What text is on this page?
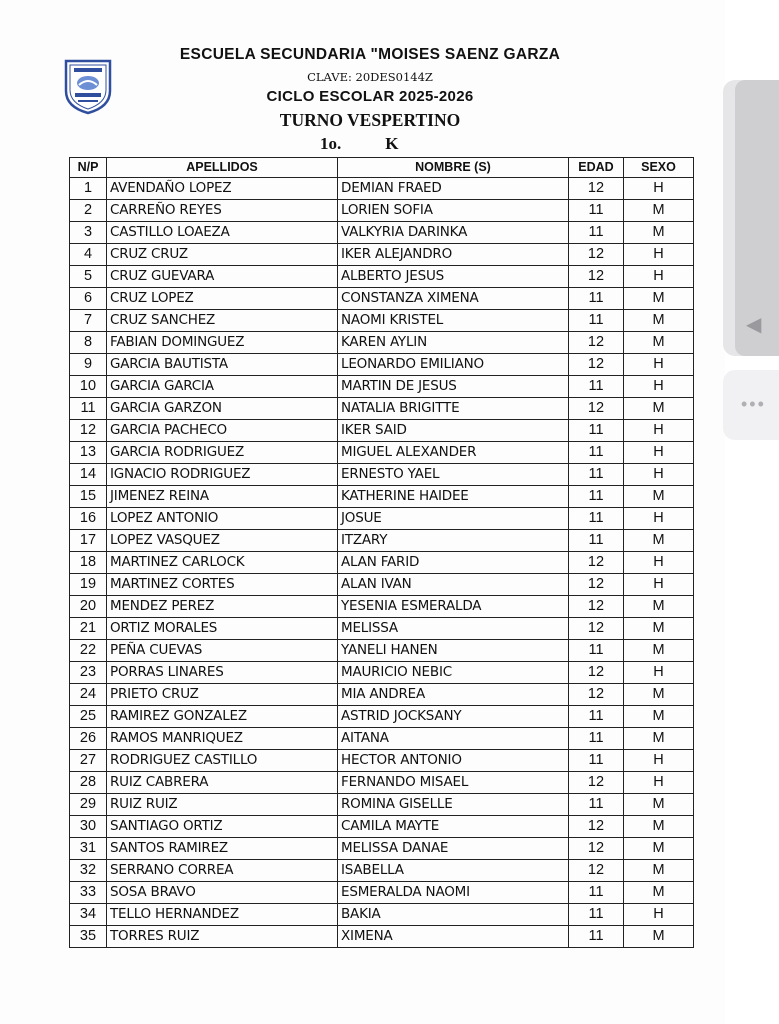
ESCUELA SECUNDARIA "MOISES SAENZ GARZA
CLAVE: 20DES0144Z
CICLO ESCOLAR 2025-2026
TURNO VESPERTINO
1o.	K
N/P	APELLIDOS	NOMBRE (S)	EDAD	SEXO
1	AVENDAÑO LOPEZ	DEMIAN FRAED	12	H
2	CARREÑO REYES	LORIEN SOFIA	11	M
3	CASTILLO LOAEZA	VALKYRIA DARINKA	11	M
4	CRUZ CRUZ	IKER ALEJANDRO	12	H
5	CRUZ GUEVARA	ALBERTO JESUS	12	H
6	CRUZ LOPEZ	CONSTANZA XIMENA	11	M
7	CRUZ SANCHEZ	NAOMI KRISTEL	11	M
8	FABIAN DOMINGUEZ	KAREN AYLIN	12	M
9	GARCIA BAUTISTA	LEONARDO EMILIANO	12	H
10	GARCIA GARCIA	MARTIN DE JESUS	11	H
11	GARCIA GARZON	NATALIA BRIGITTE	12	M
12	GARCIA PACHECO	IKER SAID	11	H
13	GARCIA RODRIGUEZ	MIGUEL ALEXANDER	11	H
14	IGNACIO RODRIGUEZ	ERNESTO YAEL	11	H
15	JIMENEZ REINA	KATHERINE HAIDEE	11	M
16	LOPEZ ANTONIO	JOSUE	11	H
17	LOPEZ VASQUEZ	ITZARY	11	M
18	MARTINEZ CARLOCK	ALAN FARID	12	H
19	MARTINEZ CORTES	ALAN IVAN	12	H
20	MENDEZ PEREZ	YESENIA ESMERALDA	12	M
21	ORTIZ MORALES	MELISSA	12	M
22	PEÑA CUEVAS	YANELI HANEN	11	M
23	PORRAS LINARES	MAURICIO NEBIC	12	H
24	PRIETO CRUZ	MIA ANDREA	12	M
25	RAMIREZ GONZALEZ	ASTRID JOCKSANY	11	M
26	RAMOS MANRIQUEZ	AITANA	11	M
27	RODRIGUEZ CASTILLO	HECTOR ANTONIO	11	H
28	RUIZ CABRERA	FERNANDO MISAEL	12	H
29	RUIZ RUIZ	ROMINA GISELLE	11	M
30	SANTIAGO ORTIZ	CAMILA MAYTE	12	M
31	SANTOS RAMIREZ	MELISSA DANAE	12	M
32	SERRANO CORREA	ISABELLA	12	M
33	SOSA BRAVO	ESMERALDA NAOMI	11	M
34	TELLO HERNANDEZ	BAKIA	11	H
35	TORRES RUIZ	XIMENA	11	M
◀
•••
